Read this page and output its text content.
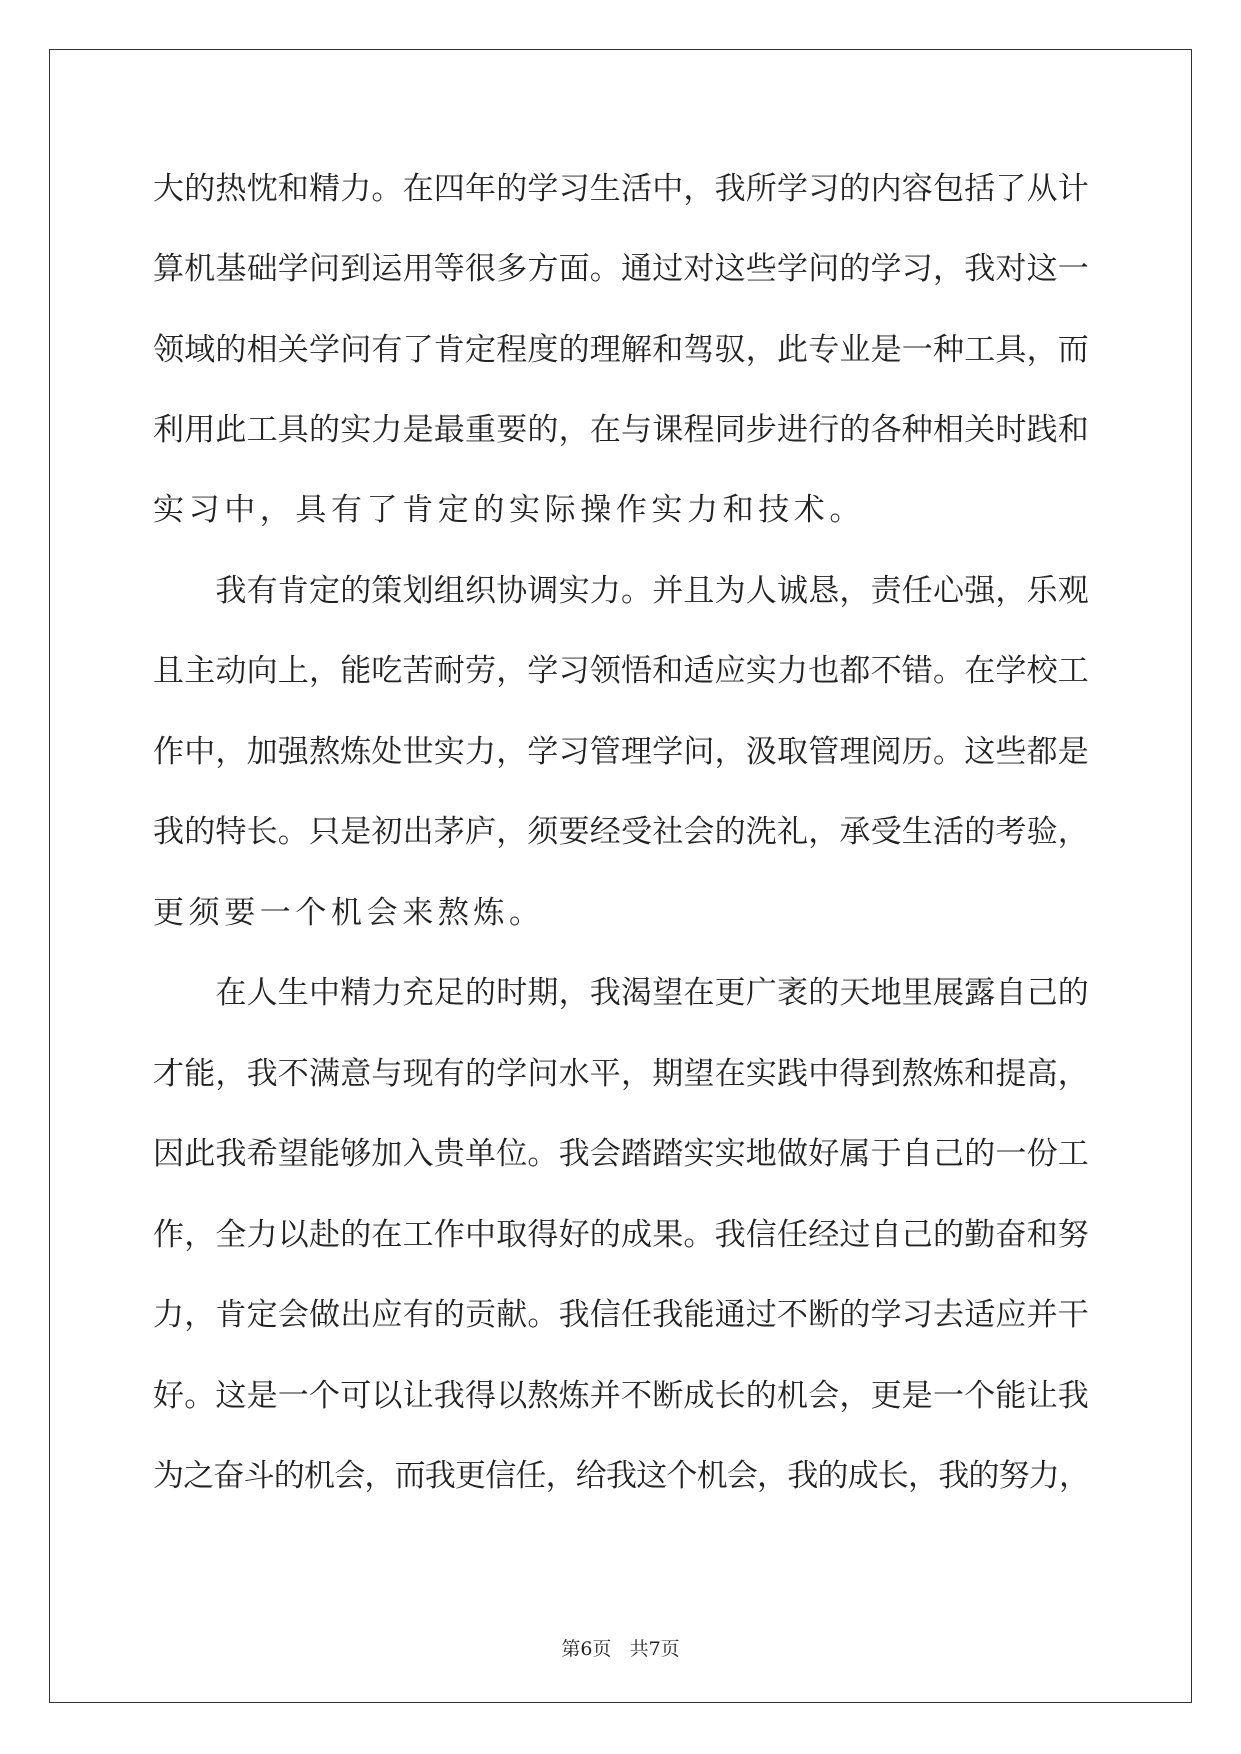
大的热忱和精力。在四年的学习生活中，我所学习的内容包括了从计
算机基础学问到运用等很多方面。通过对这些学问的学习，我对这一
领域的相关学问有了肯定程度的理解和驾驭，此专业是一种工具，而
利用此工具的实力是最重要的，在与课程同步进行的各种相关时践和
实习中，具有了肯定的实际操作实力和技术。
　　我有肯定的策划组织协调实力。并且为人诚恳，责任心强，乐观
且主动向上，能吃苦耐劳，学习领悟和适应实力也都不错。在学校工
作中，加强熬炼处世实力，学习管理学问，汲取管理阅历。这些都是
我的特长。只是初出茅庐，须要经受社会的洗礼，承受生活的考验，
更须要一个机会来熬炼。
　　在人生中精力充足的时期，我渴望在更广袤的天地里展露自己的
才能，我不满意与现有的学问水平，期望在实践中得到熬炼和提高，
因此我希望能够加入贵单位。我会踏踏实实地做好属于自己的一份工
作，全力以赴的在工作中取得好的成果。我信任经过自己的勤奋和努
力，肯定会做出应有的贡献。我信任我能通过不断的学习去适应并干
好。这是一个可以让我得以熬炼并不断成长的机会，更是一个能让我
为之奋斗的机会，而我更信任，给我这个机会，我的成长，我的努力，
第6页 共7页
